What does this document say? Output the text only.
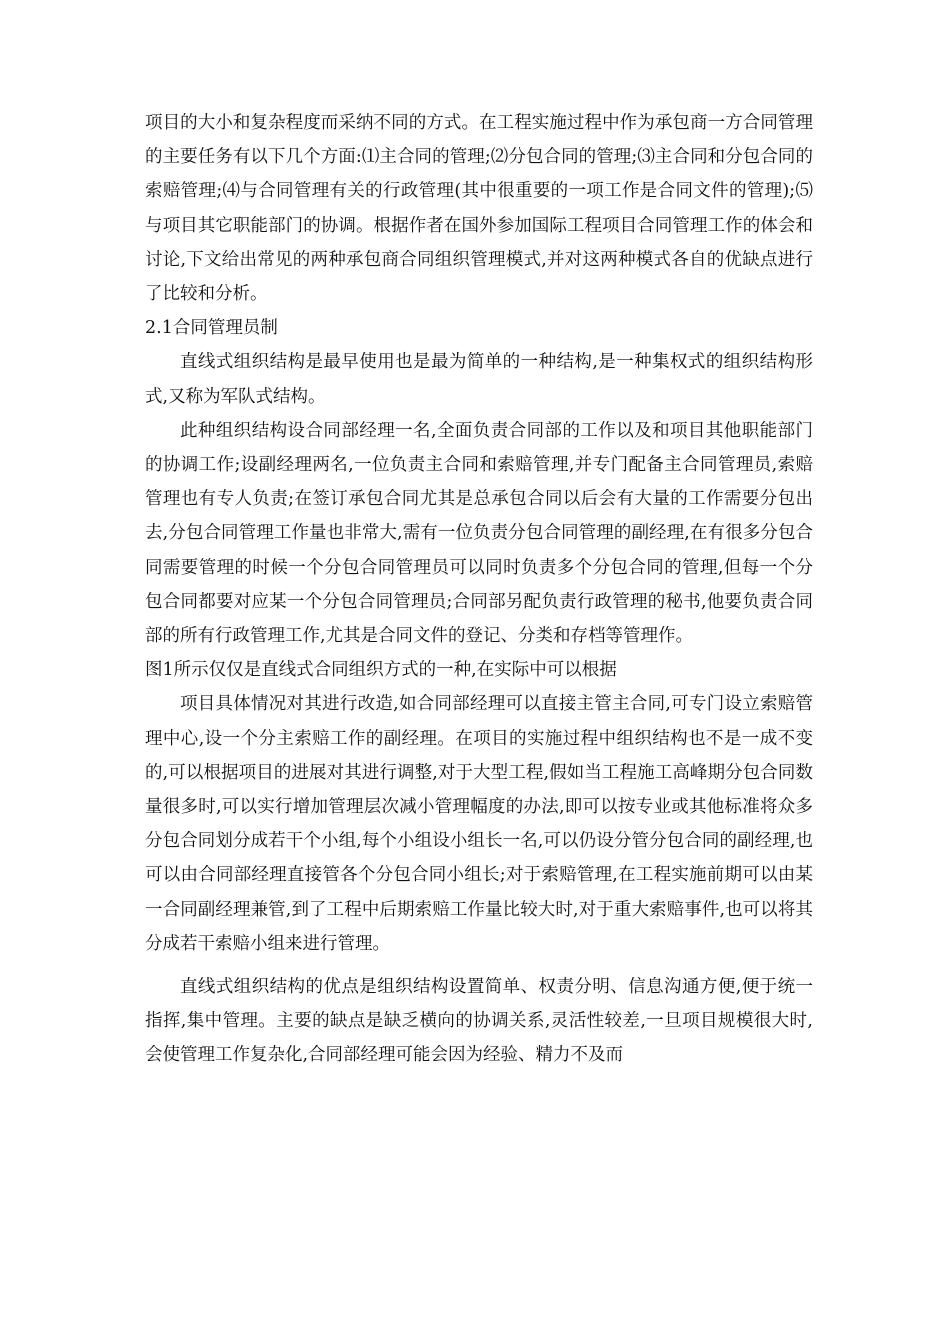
项目的大小和复杂程度而采纳不同的方式。在工程实施过程中作为承包商一方合同管理的主要任务有以下几个方面:⑴主合同的管理;⑵分包合同的管理;⑶主合同和分包合同的索赔管理;⑷与合同管理有关的行政管理(其中很重要的一项工作是合同文件的管理);⑸与项目其它职能部门的协调。根据作者在国外参加国际工程项目合同管理工作的体会和讨论,下文给出常见的两种承包商合同组织管理模式,并对这两种模式各自的优缺点进行了比较和分析。

2.1合同管理员制

直线式组织结构是最早使用也是最为简单的一种结构,是一种集权式的组织结构形式,又称为军队式结构。

此种组织结构设合同部经理一名,全面负责合同部的工作以及和项目其他职能部门的协调工作;设副经理两名,一位负责主合同和索赔管理,并专门配备主合同管理员,索赔管理也有专人负责;在签订承包合同尤其是总承包合同以后会有大量的工作需要分包出去,分包合同管理工作量也非常大,需有一位负责分包合同管理的副经理,在有很多分包合同需要管理的时候一个分包合同管理员可以同时负责多个分包合同的管理,但每一个分包合同都要对应某一个分包合同管理员;合同部另配负责行政管理的秘书,他要负责合同部的所有行政管理工作,尤其是合同文件的登记、分类和存档等管理作。

图1所示仅仅是直线式合同组织方式的一种,在实际中可以根据

项目具体情况对其进行改造,如合同部经理可以直接主管主合同,可专门设立索赔管理中心,设一个分主索赔工作的副经理。在项目的实施过程中组织结构也不是一成不变的,可以根据项目的进展对其进行调整,对于大型工程,假如当工程施工高峰期分包合同数量很多时,可以实行增加管理层次减小管理幅度的办法,即可以按专业或其他标准将众多分包合同划分成若干个小组,每个小组设小组长一名,可以仍设分管分包合同的副经理,也可以由合同部经理直接管各个分包合同小组长;对于索赔管理,在工程实施前期可以由某一合同副经理兼管,到了工程中后期索赔工作量比较大时,对于重大索赔事件,也可以将其分成若干索赔小组来进行管理。

直线式组织结构的优点是组织结构设置简单、权责分明、信息沟通方便,便于统一指挥,集中管理。主要的缺点是缺乏横向的协调关系,灵活性较差,一旦项目规模很大时,会使管理工作复杂化,合同部经理可能会因为经验、精力不及而
